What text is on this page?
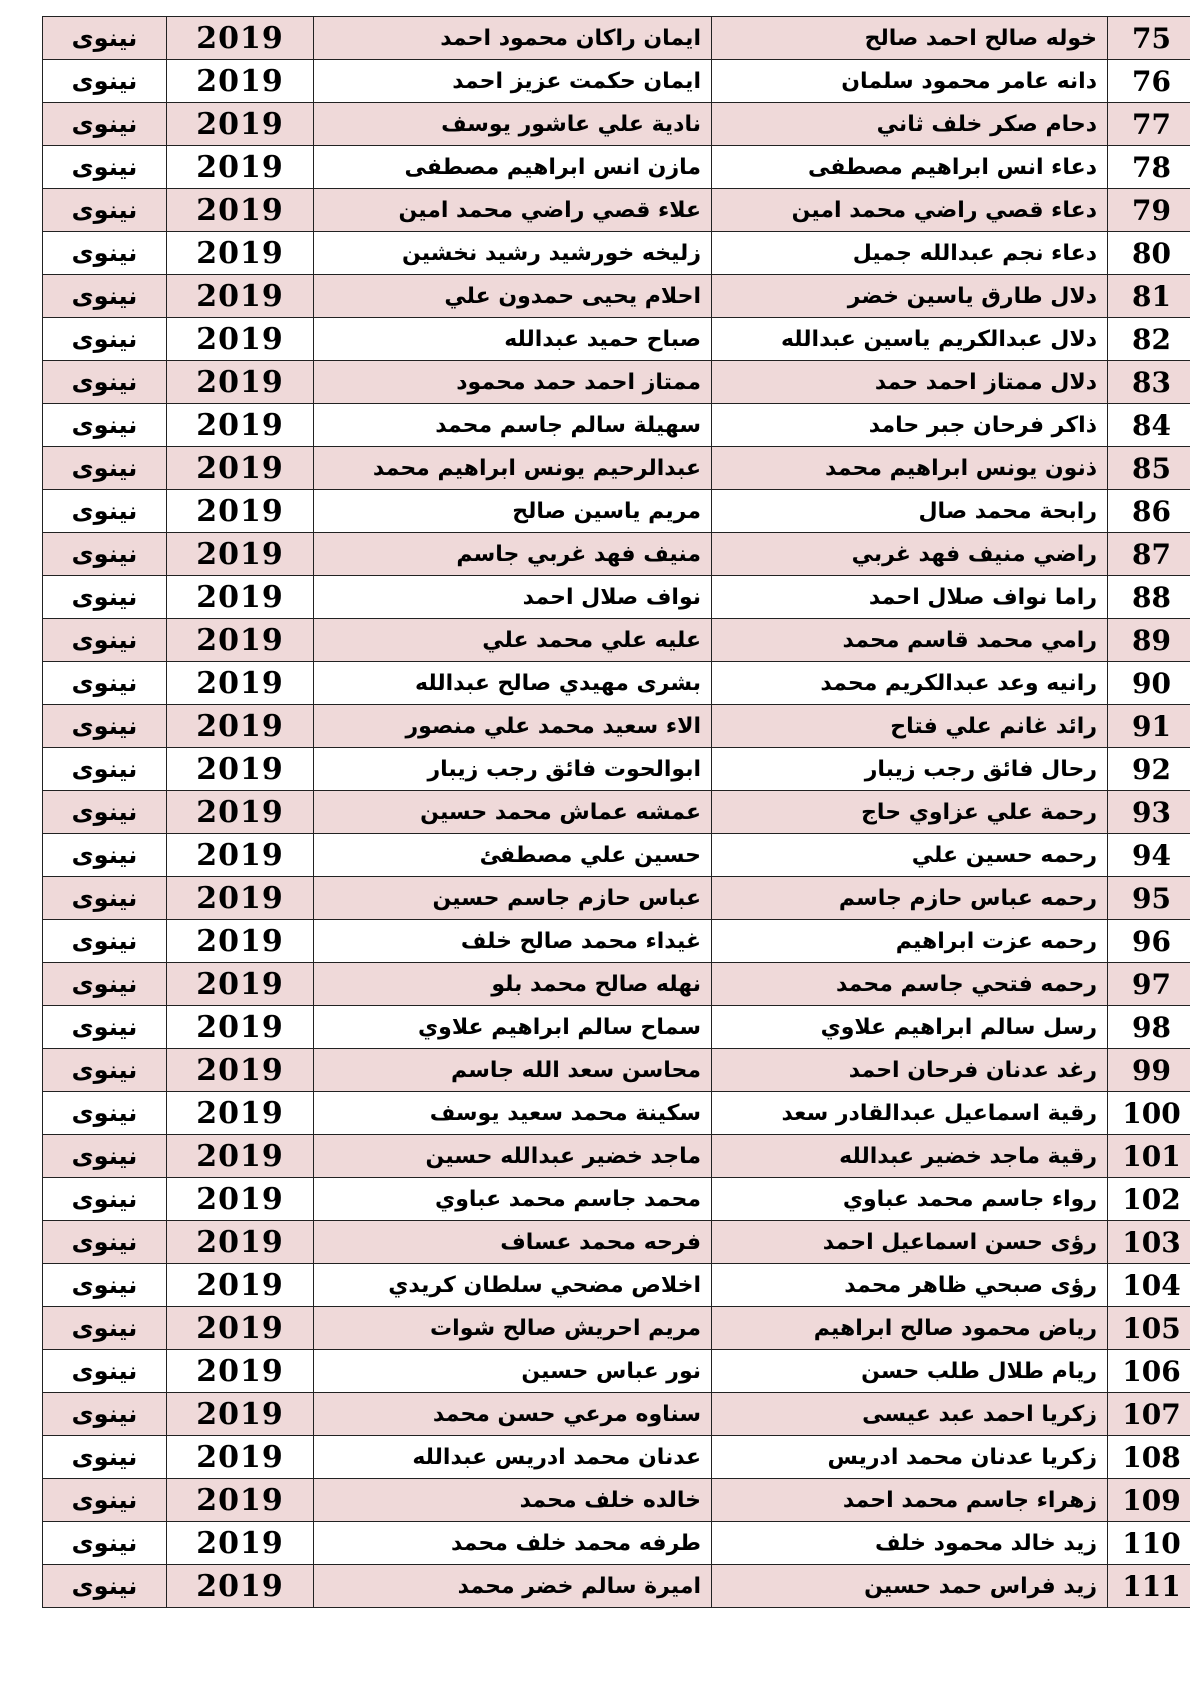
75	خوله صالح احمد صالح	ايمان راكان محمود احمد	2019	نينوى
76	دانه عامر محمود سلمان	ايمان حكمت عزيز احمد	2019	نينوى
77	دحام صكر خلف ثاني	نادية علي عاشور يوسف	2019	نينوى
78	دعاء انس ابراهيم مصطفى	مازن انس ابراهيم مصطفى	2019	نينوى
79	دعاء قصي راضي محمد امين	علاء قصي راضي محمد امين	2019	نينوى
80	دعاء نجم عبدالله جميل	زليخه خورشيد رشيد نخشين	2019	نينوى
81	دلال طارق ياسين خضر	احلام يحيى حمدون علي	2019	نينوى
82	دلال عبدالكريم ياسين عبدالله	صباح حميد عبدالله	2019	نينوى
83	دلال ممتاز احمد حمد	ممتاز احمد حمد محمود	2019	نينوى
84	ذاكر فرحان جبر حامد	سهيلة سالم جاسم محمد	2019	نينوى
85	ذنون يونس ابراهيم محمد	عبدالرحيم يونس ابراهيم محمد	2019	نينوى
86	رابحة محمد صال	مريم ياسين صالح	2019	نينوى
87	راضي منيف فهد غربي	منيف فهد غربي جاسم	2019	نينوى
88	راما نواف صلال احمد	نواف صلال احمد	2019	نينوى
89	رامي محمد قاسم محمد	عليه علي محمد علي	2019	نينوى
90	رانيه وعد عبدالكريم محمد	بشرى مهيدي صالح عبدالله	2019	نينوى
91	رائد غانم علي فتاح	الاء سعيد محمد علي منصور	2019	نينوى
92	رحال فائق رجب زيبار	ابوالحوت فائق رجب زيبار	2019	نينوى
93	رحمة علي عزاوي حاج	عمشه عماش محمد حسين	2019	نينوى
94	رحمه حسين علي	حسين علي مصطفئ	2019	نينوى
95	رحمه عباس حازم جاسم	عباس حازم جاسم حسين	2019	نينوى
96	رحمه عزت ابراهيم	غيداء محمد صالح خلف	2019	نينوى
97	رحمه فتحي جاسم محمد	نهله صالح محمد بلو	2019	نينوى
98	رسل سالم ابراهيم علاوي	سماح سالم ابراهيم علاوي	2019	نينوى
99	رغد عدنان فرحان احمد	محاسن سعد الله جاسم	2019	نينوى
100	رقية اسماعيل عبدالقادر سعد	سكينة محمد سعيد يوسف	2019	نينوى
101	رقية ماجد خضير عبدالله	ماجد خضير عبدالله حسين	2019	نينوى
102	رواء جاسم محمد عباوي	محمد جاسم محمد عباوي	2019	نينوى
103	رؤى حسن اسماعيل احمد	فرحه محمد عساف	2019	نينوى
104	رؤى صبحي ظاهر محمد	اخلاص مضحي سلطان كريدي	2019	نينوى
105	رياض محمود صالح ابراهيم	مريم احريش صالح شوات	2019	نينوى
106	ريام طلال طلب حسن	نور عباس حسين	2019	نينوى
107	زكريا احمد عبد عيسى	سناوه مرعي حسن محمد	2019	نينوى
108	زكريا عدنان محمد ادريس	عدنان محمد ادريس عبدالله	2019	نينوى
109	زهراء جاسم محمد احمد	خالده خلف محمد	2019	نينوى
110	زيد خالد محمود خلف	طرفه محمد خلف محمد	2019	نينوى
111	زيد فراس حمد حسين	اميرة سالم خضر محمد	2019	نينوى
